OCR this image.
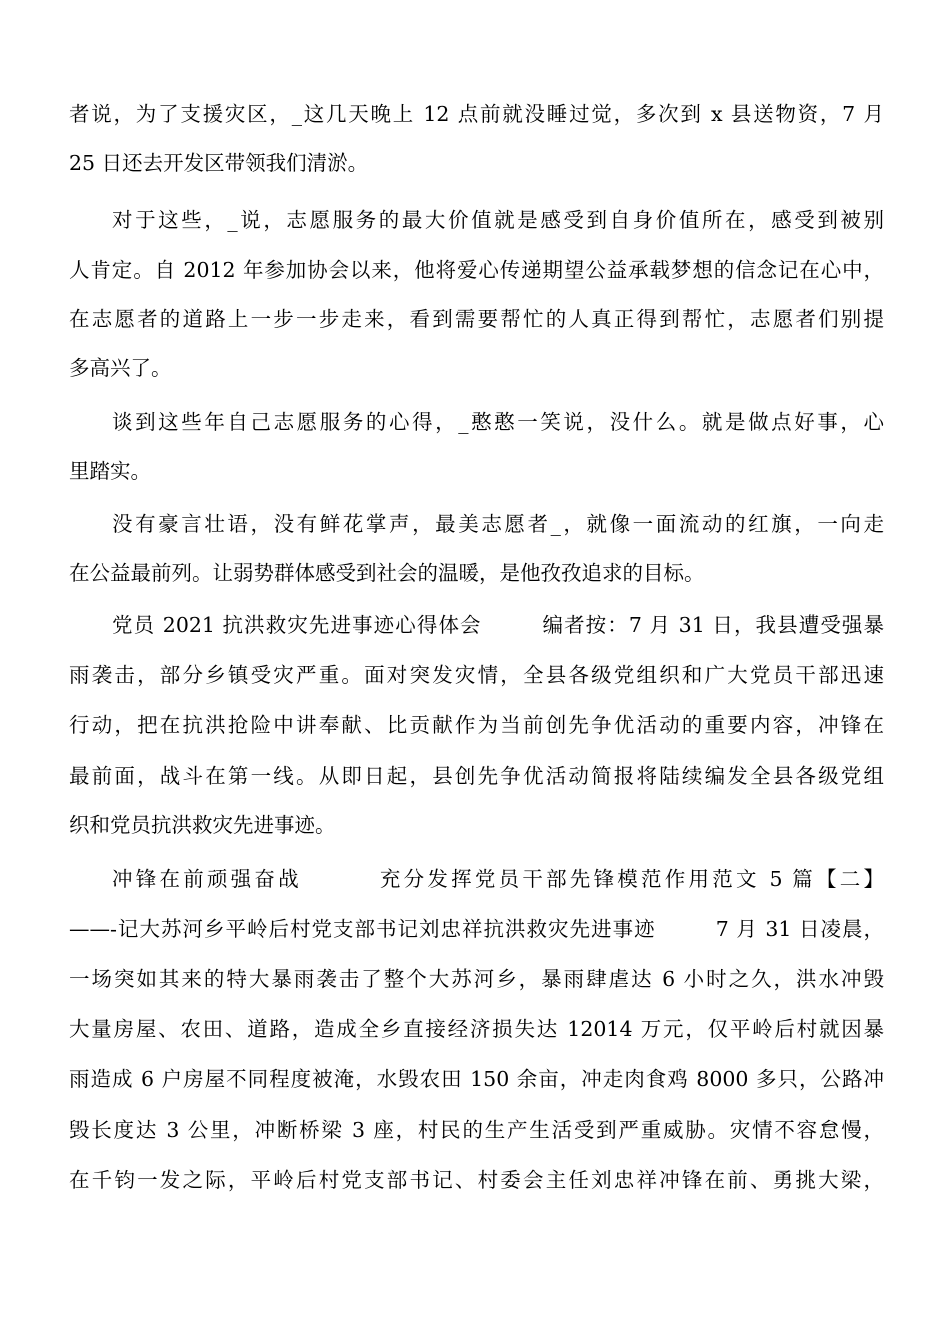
者说，为了支援灾区，_这几天晚上 12 点前就没睡过觉，多次到 x 县送物资，7 月

25 日还去开发区带领我们清淤。

对于这些，_说，志愿服务的最大价值就是感受到自身价值所在，感受到被别

人肯定。自 2012 年参加协会以来，他将爱心传递期望公益承载梦想的信念记在心中，

在志愿者的道路上一步一步走来，看到需要帮忙的人真正得到帮忙，志愿者们别提

多高兴了。

谈到这些年自己志愿服务的心得，_憨憨一笑说，没什么。就是做点好事，心

里踏实。

没有豪言壮语，没有鲜花掌声，最美志愿者_，就像一面流动的红旗，一向走

在公益最前列。让弱势群体感受到社会的温暖，是他孜孜追求的目标。

党员 2021 抗洪救灾先进事迹心得体会        编者按：7 月 31 日，我县遭受强暴

雨袭击，部分乡镇受灾严重。面对突发灾情，全县各级党组织和广大党员干部迅速

行动，把在抗洪抢险中讲奉献、比贡献作为当前创先争优活动的重要内容，冲锋在

最前面，战斗在第一线。从即日起，县创先争优活动简报将陆续编发全县各级党组

织和党员抗洪救灾先进事迹。

冲锋在前顽强奋战        充分发挥党员干部先锋模范作用范文 5 篇【二】

——-记大苏河乡平岭后村党支部书记刘忠祥抗洪救灾先进事迹        7 月 31 日凌晨，

一场突如其来的特大暴雨袭击了整个大苏河乡，暴雨肆虐达 6 小时之久，洪水冲毁

大量房屋、农田、道路，造成全乡直接经济损失达 12014 万元，仅平岭后村就因暴

雨造成 6 户房屋不同程度被淹，水毁农田 150 余亩，冲走肉食鸡 8000 多只，公路冲

毁长度达 3 公里，冲断桥梁 3 座，村民的生产生活受到严重威胁。灾情不容怠慢，

在千钧一发之际，平岭后村党支部书记、村委会主任刘忠祥冲锋在前、勇挑大梁，
